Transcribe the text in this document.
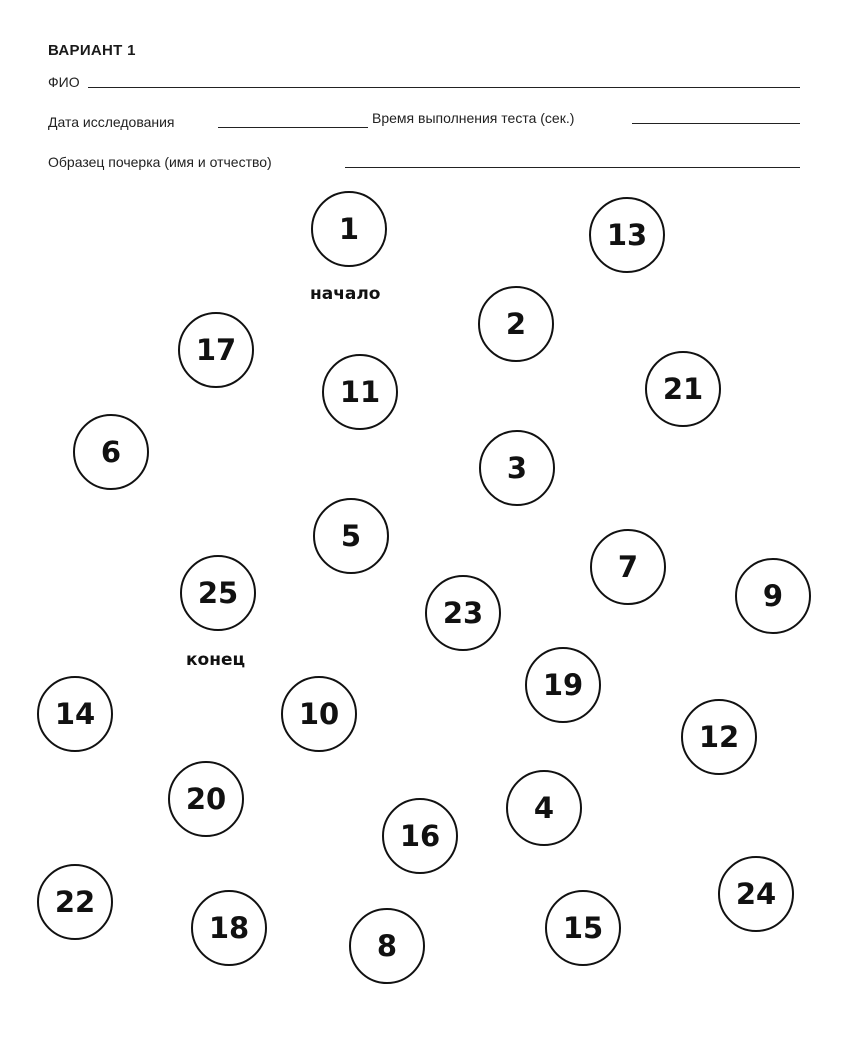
ВАРИАНТ 1
ФИО
Дата исследования	Время выполнения теста (сек.)
Образец почерка (имя и отчество)
начало
конец
1	13
2
17
11	21
6	3
5
7
9
25
23
19
14	10
12
20	4
16
22
18
8
15
24
